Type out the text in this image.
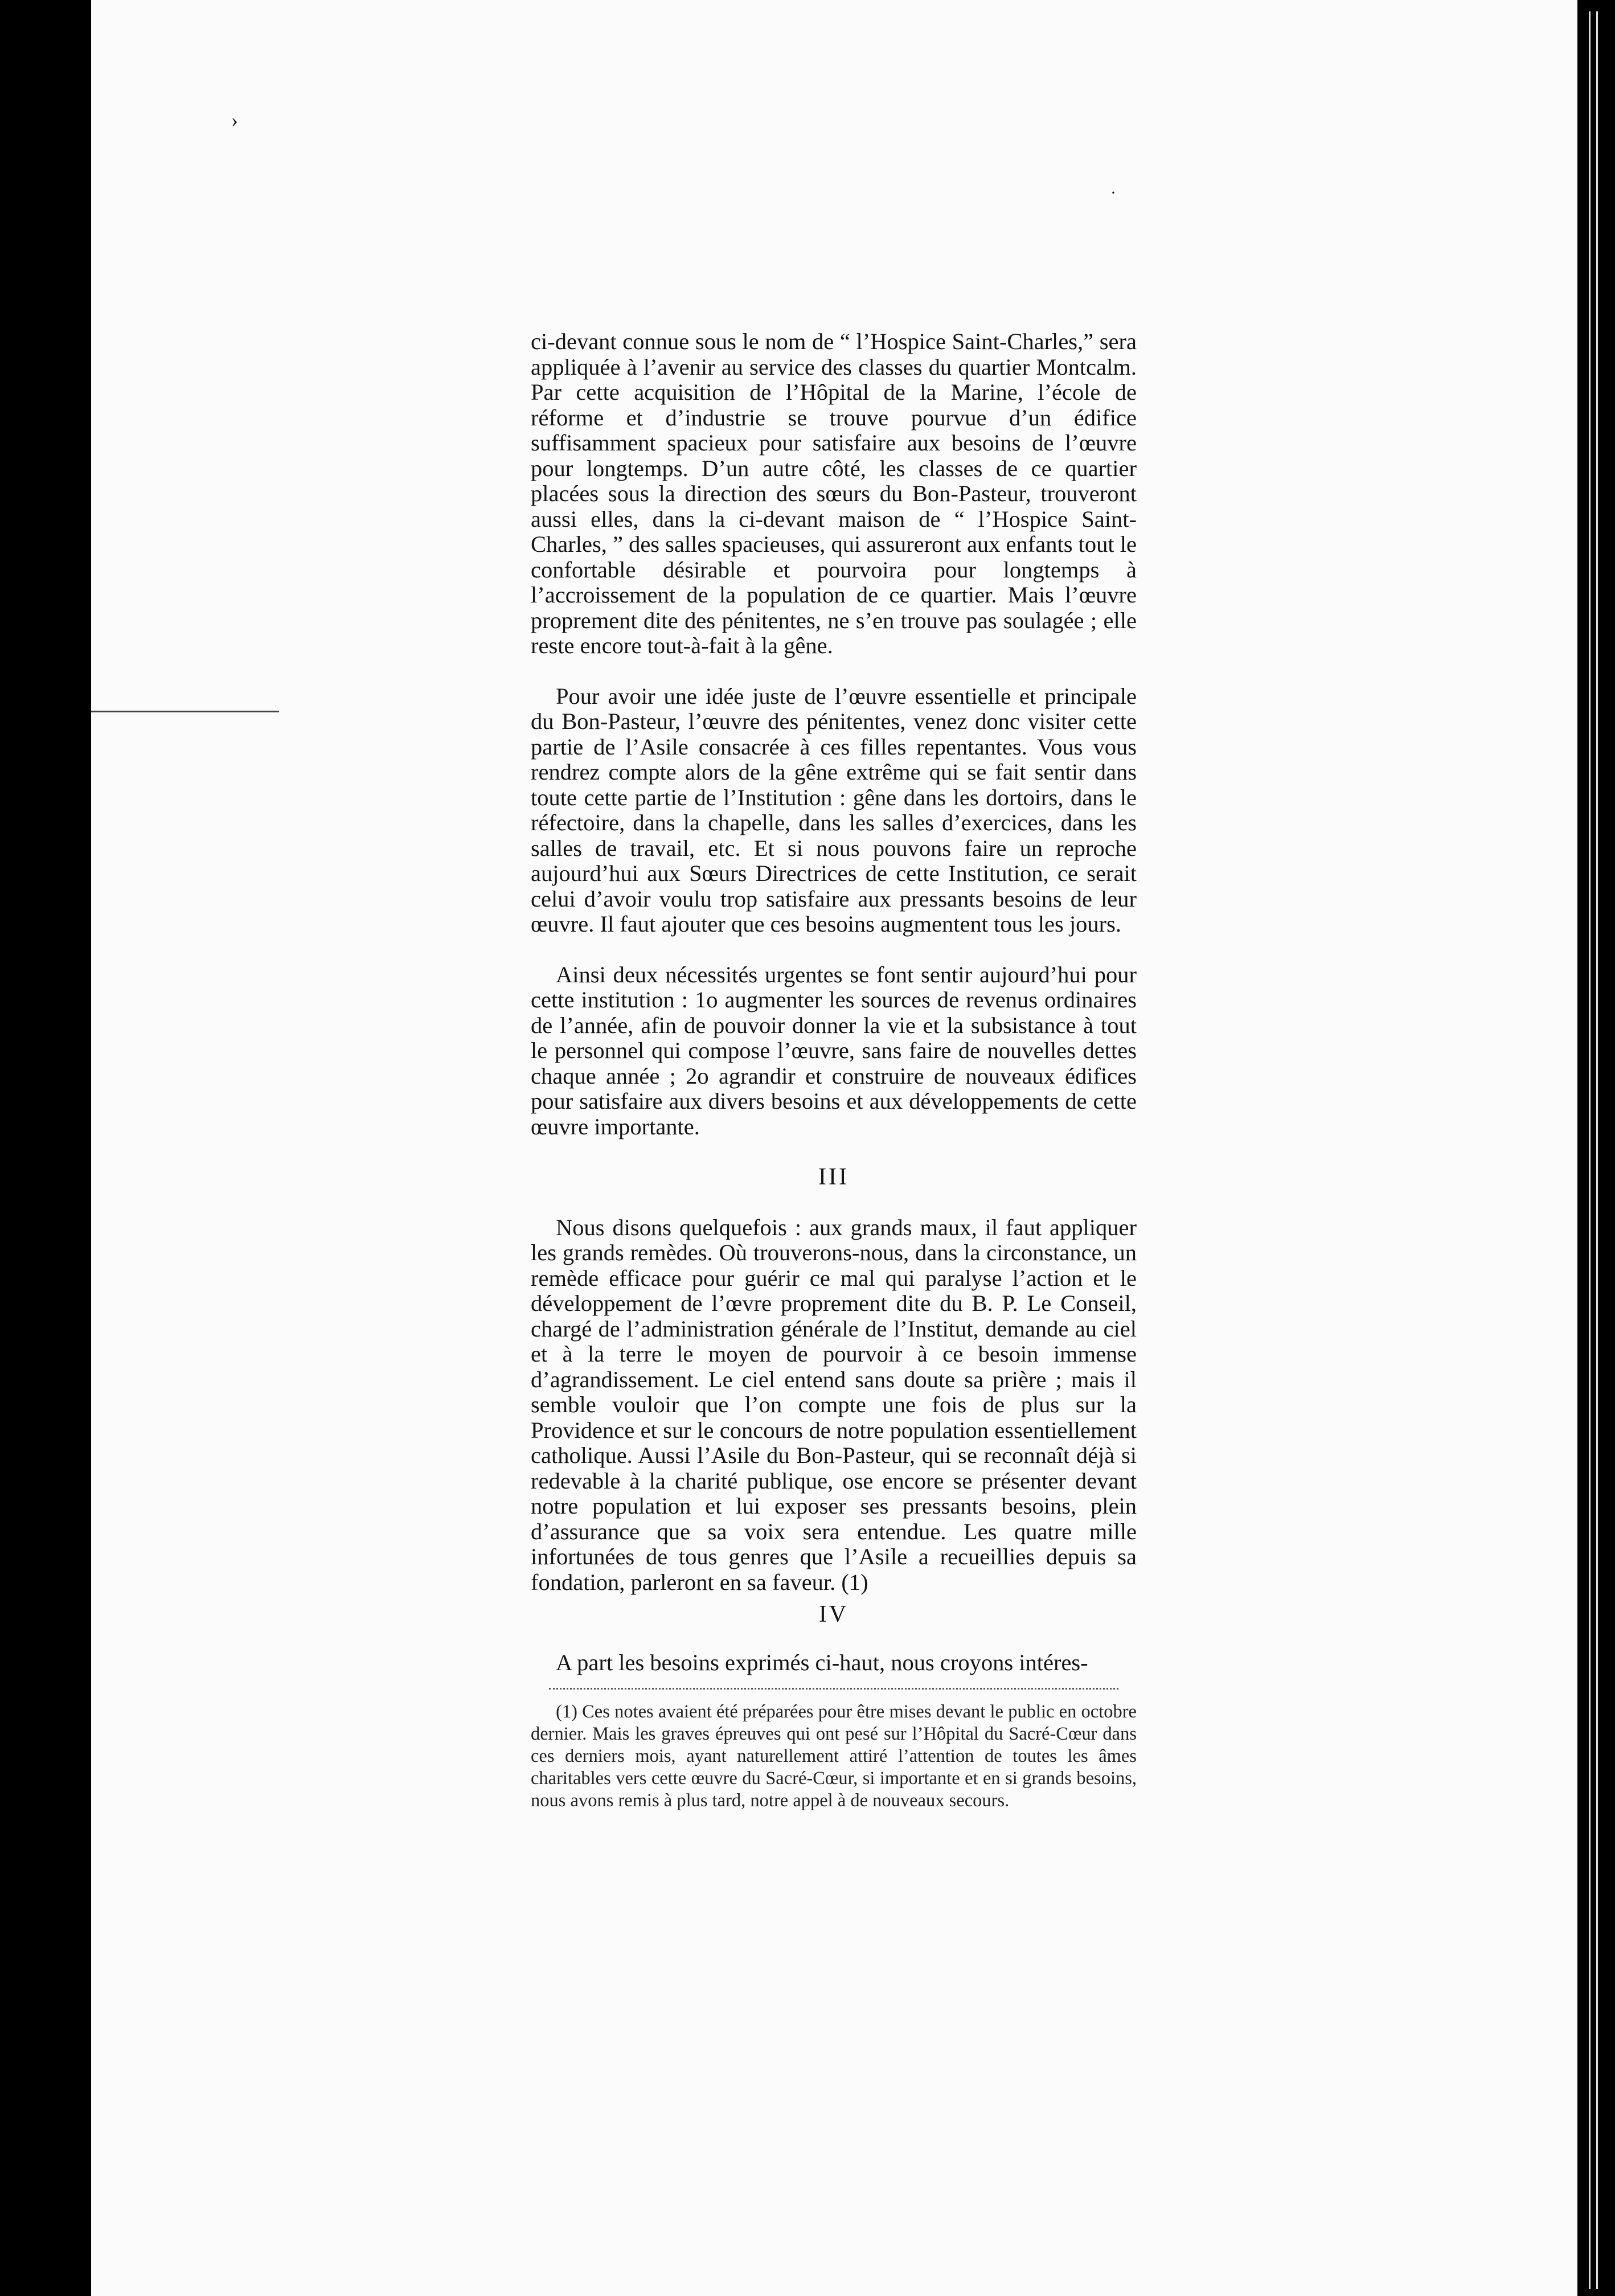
›
·

ci-devant connue sous le nom de “ l’Hospice Saint-Charles,” sera appliquée à l’avenir au service des classes du quartier Montcalm. Par cette acquisition de l’Hôpital de la Marine, l’école de réforme et d’industrie se trouve pourvue d’un édifice suffisamment spacieux pour satisfaire aux besoins de l’œuvre pour longtemps. D’un autre côté, les classes de ce quartier placées sous la direction des sœurs du Bon-Pasteur, trouveront aussi elles, dans la ci-devant maison de “ l’Hospice Saint-Charles, ” des salles spacieuses, qui assureront aux enfants tout le confortable désirable et pourvoira pour longtemps à l’accroissement de la population de ce quartier. Mais l’œuvre proprement dite des pénitentes, ne s’en trouve pas soulagée ; elle reste encore tout-à-fait à la gêne.

Pour avoir une idée juste de l’œuvre essentielle et principale du Bon-Pasteur, l’œuvre des pénitentes, venez donc visiter cette partie de l’Asile consacrée à ces filles repentantes. Vous vous rendrez compte alors de la gêne extrême qui se fait sentir dans toute cette partie de l’Institution : gêne dans les dortoirs, dans le réfectoire, dans la chapelle, dans les salles d’exercices, dans les salles de travail, etc. Et si nous pouvons faire un reproche aujourd’hui aux Sœurs Directrices de cette Institution, ce serait celui d’avoir voulu trop satisfaire aux pressants besoins de leur œuvre. Il faut ajouter que ces besoins augmentent tous les jours.

Ainsi deux nécessités urgentes se font sentir aujourd’hui pour cette institution : 1o augmenter les sources de revenus ordinaires de l’année, afin de pouvoir donner la vie et la subsistance à tout le personnel qui compose l’œuvre, sans faire de nouvelles dettes chaque année ; 2o agrandir et construire de nouveaux édifices pour satisfaire aux divers besoins et aux développements de cette œuvre importante.

III

Nous disons quelquefois : aux grands maux, il faut appliquer les grands remèdes. Où trouverons-nous, dans la circonstance, un remède efficace pour guérir ce mal qui paralyse l’action et le développement de l’œvre proprement dite du B. P. Le Conseil, chargé de l’administration générale de l’Institut, demande au ciel et à la terre le moyen de pourvoir à ce besoin immense d’agrandissement. Le ciel entend sans doute sa prière ; mais il semble vouloir que l’on compte une fois de plus sur la Providence et sur le concours de notre population essentiellement catholique. Aussi l’Asile du Bon-Pasteur, qui se reconnaît déjà si redevable à la charité publique, ose encore se présenter devant notre population et lui exposer ses pressants besoins, plein d’assurance que sa voix sera entendue. Les quatre mille infortunées de tous genres que l’Asile a recueillies depuis sa fondation, parleront en sa faveur. (1)

IV

A part les besoins exprimés ci-haut, nous croyons intéres-

(1) Ces notes avaient été préparées pour être mises devant le public en octobre dernier. Mais les graves épreuves qui ont pesé sur l’Hôpital du Sacré-Cœur dans ces derniers mois, ayant naturellement attiré l’attention de toutes les âmes charitables vers cette œuvre du Sacré-Cœur, si importante et en si grands besoins, nous avons remis à plus tard, notre appel à de nouveaux secours.
